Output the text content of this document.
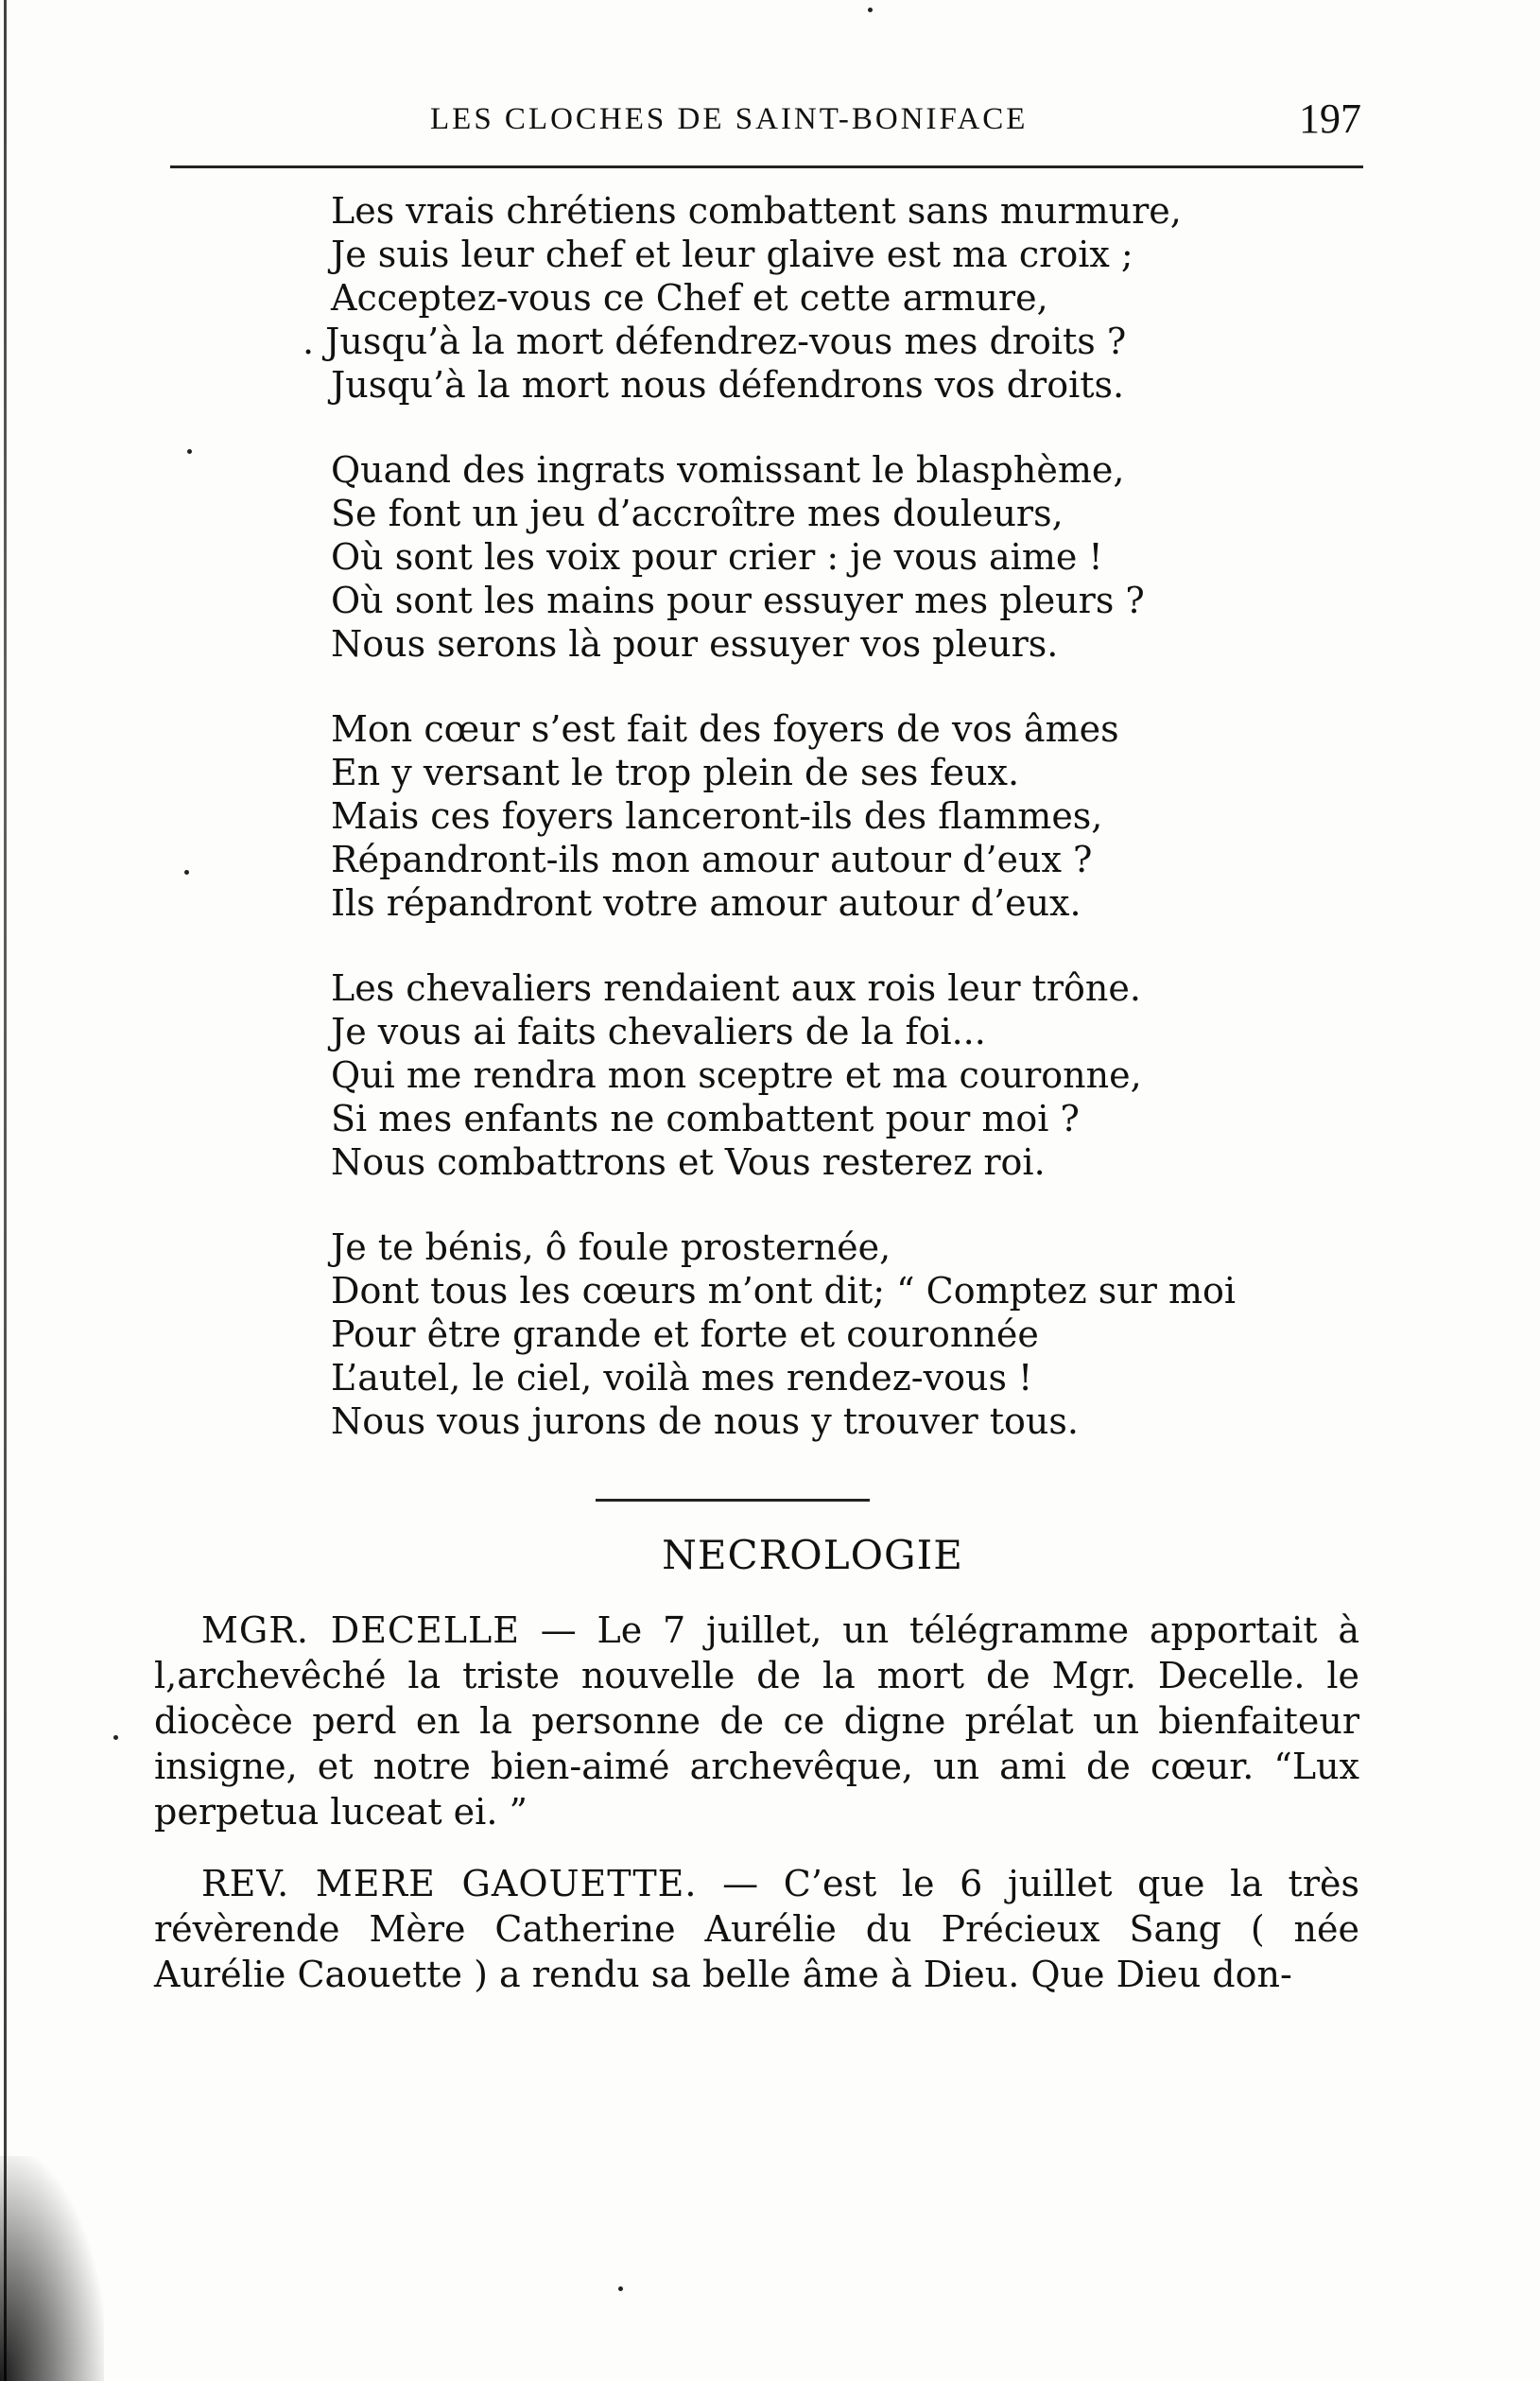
LES CLOCHES DE SAINT-BONIFACE	197
Les vrais chrétiens combattent sans murmure,
Je suis leur chef et leur glaive est ma croix ;
Acceptez-vous ce Chef et cette armure,
. Jusqu’à la mort défendrez-vous mes droits ?
Jusqu’à la mort nous défendrons vos droits.
Quand des ingrats vomissant le blasphème,
Se font un jeu d’accroître mes douleurs,
Où sont les voix pour crier : je vous aime !
Où sont les mains pour essuyer mes pleurs ?
Nous serons là pour essuyer vos pleurs.
Mon cœur s’est fait des foyers de vos âmes
En y versant le trop plein de ses feux.
Mais ces foyers lanceront-ils des flammes,
Répandront-ils mon amour autour d’eux ?
Ils répandront votre amour autour d’eux.
Les chevaliers rendaient aux rois leur trône.
Je vous ai faits chevaliers de la foi...
Qui me rendra mon sceptre et ma couronne,
Si mes enfants ne combattent pour moi ?
Nous combattrons et Vous resterez roi.
Je te bénis, ô foule prosternée,
Dont tous les cœurs m’ont dit; “ Comptez sur moi
Pour être grande et forte et couronnée
L’autel, le ciel, voilà mes rendez-vous !
Nous vous jurons de nous y trouver tous.
NECROLOGIE

MGR. DECELLE — Le 7 juillet, un télégramme apportait à l,archevêché la triste nouvelle de la mort de Mgr. Decelle. le diocèce perd en la personne de ce digne prélat un bienfaiteur insigne, et notre bien-aimé archevêque, un ami de cœur. “Lux perpetua luceat ei. ”

REV. MERE GAOUETTE. — C’est le 6 juillet que la très révèrende Mère Catherine Aurélie du Précieux Sang ( née Aurélie Caouette ) a rendu sa belle âme à Dieu. Que Dieu don-
